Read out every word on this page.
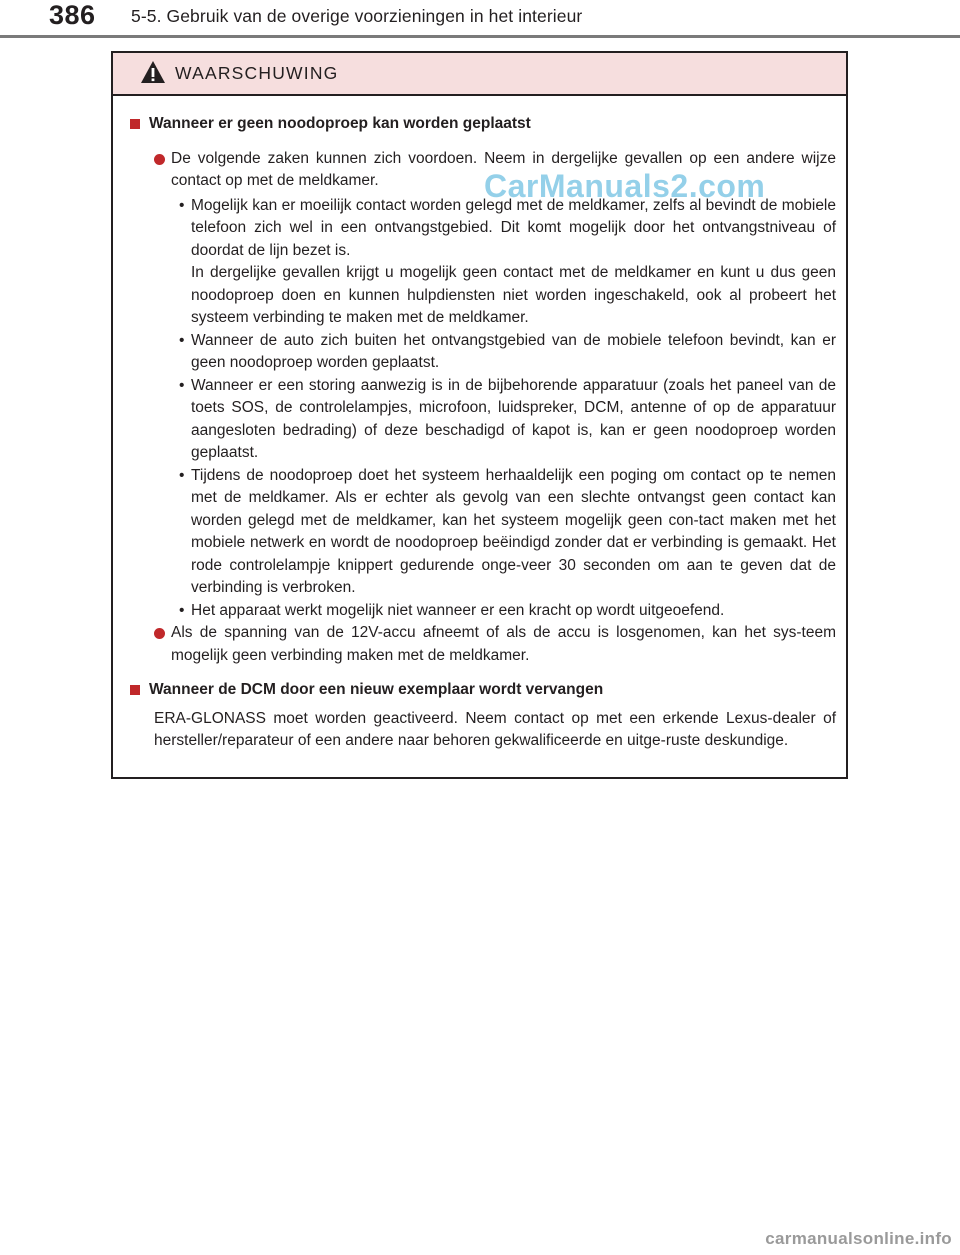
386 5-5. Gebruik van de overige voorzieningen in het interieur
WAARSCHUWING
Wanneer er geen noodoproep kan worden geplaatst
De volgende zaken kunnen zich voordoen. Neem in dergelijke gevallen op een andere wijze contact op met de meldkamer.
• Mogelijk kan er moeilijk contact worden gelegd met de meldkamer, zelfs al bevindt de mobiele telefoon zich wel in een ontvangstgebied. Dit komt mogelijk door het ontvangstniveau of doordat de lijn bezet is.
In dergelijke gevallen krijgt u mogelijk geen contact met de meldkamer en kunt u dus geen noodoproep doen en kunnen hulpdiensten niet worden ingeschakeld, ook al probeert het systeem verbinding te maken met de meldkamer.
• Wanneer de auto zich buiten het ontvangstgebied van de mobiele telefoon bevindt, kan er geen noodoproep worden geplaatst.
• Wanneer er een storing aanwezig is in de bijbehorende apparatuur (zoals het paneel van de toets SOS, de controlelampjes, microfoon, luidspreker, DCM, antenne of op de apparatuur aangesloten bedrading) of deze beschadigd of kapot is, kan er geen noodoproep worden geplaatst.
• Tijdens de noodoproep doet het systeem herhaaldelijk een poging om contact op te nemen met de meldkamer. Als er echter als gevolg van een slechte ontvangst geen contact kan worden gelegd met de meldkamer, kan het systeem mogelijk geen con-tact maken met het mobiele netwerk en wordt de noodoproep beëindigd zonder dat er verbinding is gemaakt. Het rode controlelampje knippert gedurende onge-veer 30 seconden om aan te geven dat de verbinding is verbroken.
• Het apparaat werkt mogelijk niet wanneer er een kracht op wordt uitgeoefend.
Als de spanning van de 12V-accu afneemt of als de accu is losgenomen, kan het sys-teem mogelijk geen verbinding maken met de meldkamer.
Wanneer de DCM door een nieuw exemplaar wordt vervangen
ERA-GLONASS moet worden geactiveerd. Neem contact op met een erkende Lexus-dealer of hersteller/reparateur of een andere naar behoren gekwalificeerde en uitge-ruste deskundige.
CarManuals2.com
carmanualsonline.info
